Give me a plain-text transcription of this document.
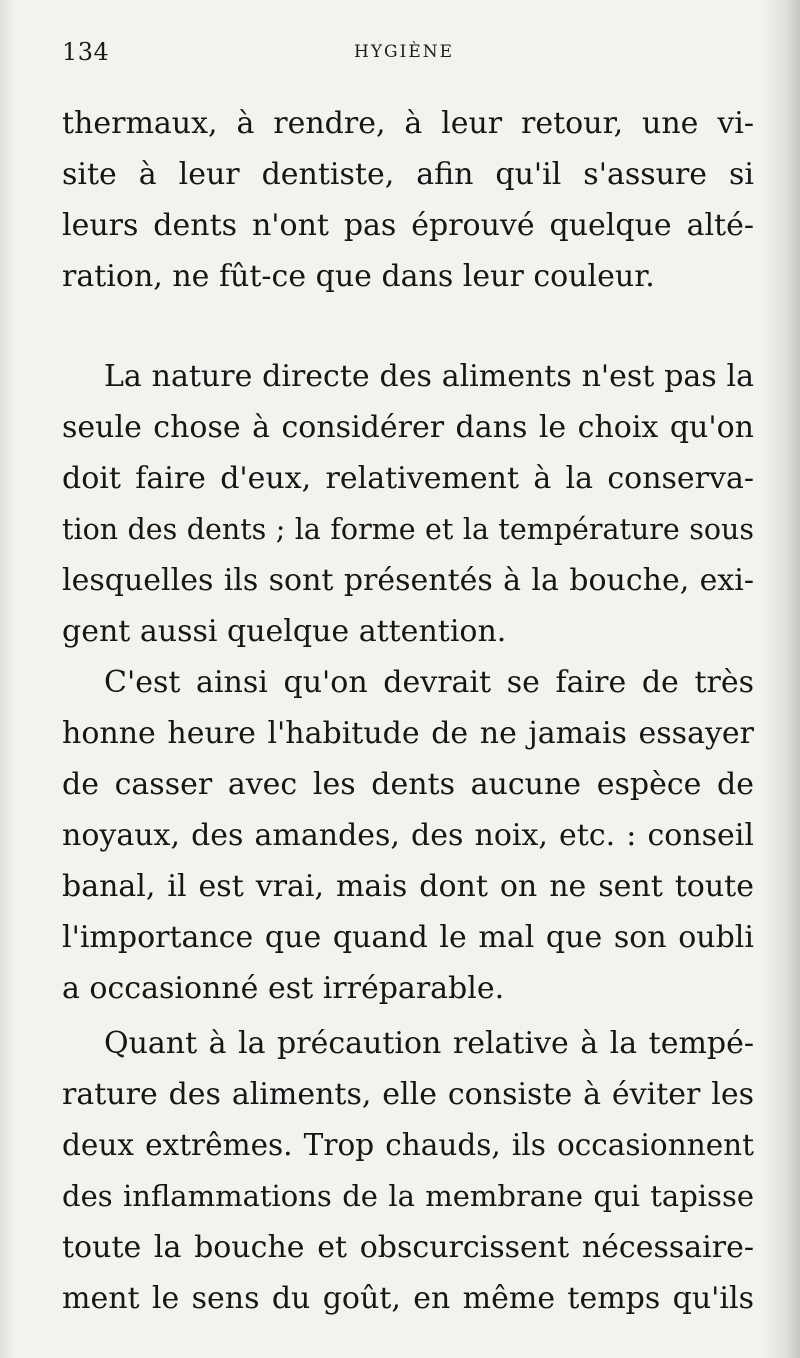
134	HYGIÈNE
thermaux, à rendre, à leur retour, une vi-
site à leur dentiste, afin qu'il s'assure si
leurs dents n'ont pas éprouvé quelque alté-
ration, ne fût-ce que dans leur couleur.
La nature directe des aliments n'est pas la
seule chose à considérer dans le choix qu'on
doit faire d'eux, relativement à la conserva-
tion des dents ; la forme et la température sous
lesquelles ils sont présentés à la bouche, exi-
gent aussi quelque attention.
C'est ainsi qu'on devrait se faire de très
honne heure l'habitude de ne jamais essayer
de casser avec les dents aucune espèce de
noyaux, des amandes, des noix, etc. : conseil
banal, il est vrai, mais dont on ne sent toute
l'importance que quand le mal que son oubli
a occasionné est irréparable.
Quant à la précaution relative à la tempé-
rature des aliments, elle consiste à éviter les
deux extrêmes. Trop chauds, ils occasionnent
des inflammations de la membrane qui tapisse
toute la bouche et obscurcissent nécessaire-
ment le sens du goût, en même temps qu'ils
